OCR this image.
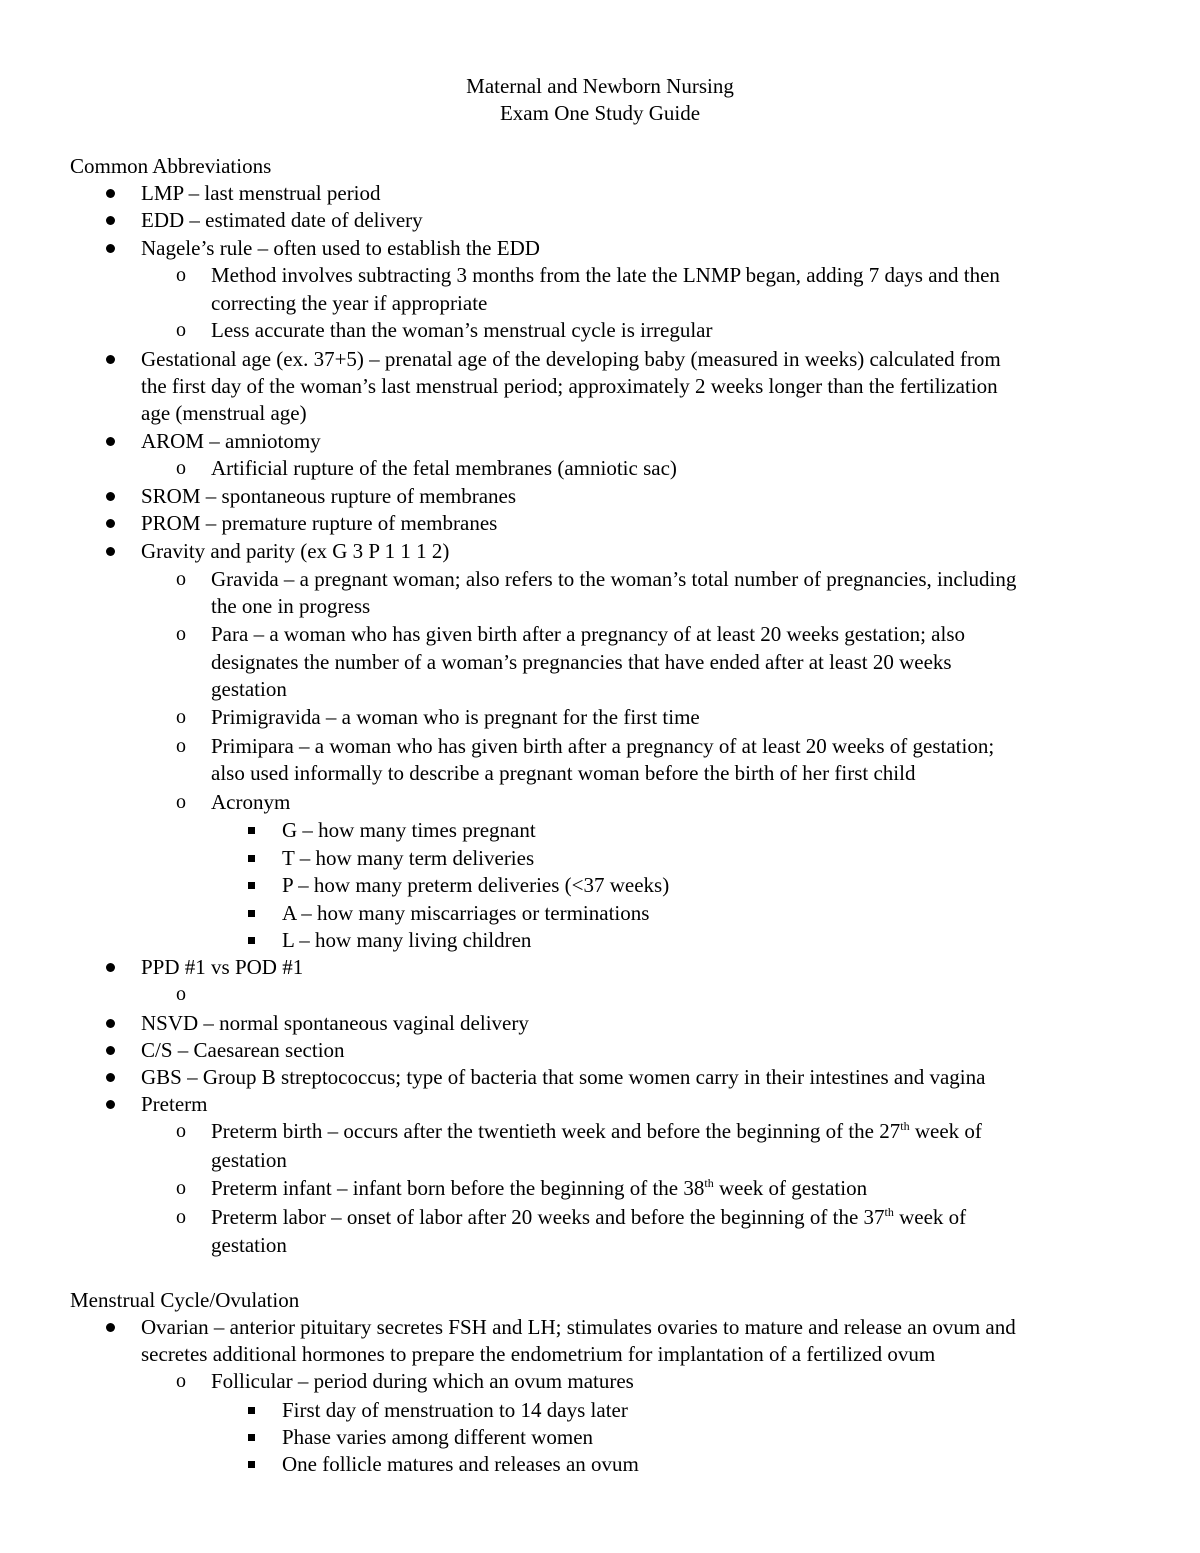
Maternal and Newborn Nursing
Exam One Study Guide
Common Abbreviations
LMP – last menstrual period
EDD – estimated date of delivery
Nagele’s rule – often used to establish the EDD
o Method involves subtracting 3 months from the late the LNMP began, adding 7 days and then
correcting the year if appropriate
o Less accurate than the woman’s menstrual cycle is irregular
Gestational age (ex. 37+5) – prenatal age of the developing baby (measured in weeks) calculated from
the first day of the woman’s last menstrual period; approximately 2 weeks longer than the fertilization
age (menstrual age)
AROM – amniotomy
o Artificial rupture of the fetal membranes (amniotic sac)
SROM – spontaneous rupture of membranes
PROM – premature rupture of membranes
Gravity and parity (ex G 3 P 1 1 1 2)
o Gravida – a pregnant woman; also refers to the woman’s total number of pregnancies, including
the one in progress
o Para – a woman who has given birth after a pregnancy of at least 20 weeks gestation; also
designates the number of a woman’s pregnancies that have ended after at least 20 weeks
gestation
o Primigravida – a woman who is pregnant for the first time
o Primipara – a woman who has given birth after a pregnancy of at least 20 weeks of gestation;
also used informally to describe a pregnant woman before the birth of her first child
o Acronym
G – how many times pregnant
T – how many term deliveries
P – how many preterm deliveries (<37 weeks)
A – how many miscarriages or terminations
L – how many living children
PPD #1 vs POD #1
o
NSVD – normal spontaneous vaginal delivery
C/S – Caesarean section
GBS – Group B streptococcus; type of bacteria that some women carry in their intestines and vagina
Preterm
o Preterm birth – occurs after the twentieth week and before the beginning of the 27th week of
gestation
o Preterm infant – infant born before the beginning of the 38th week of gestation
o Preterm labor – onset of labor after 20 weeks and before the beginning of the 37th week of
gestation
Menstrual Cycle/Ovulation
Ovarian – anterior pituitary secretes FSH and LH; stimulates ovaries to mature and release an ovum and
secretes additional hormones to prepare the endometrium for implantation of a fertilized ovum
o Follicular – period during which an ovum matures
First day of menstruation to 14 days later
Phase varies among different women
One follicle matures and releases an ovum
